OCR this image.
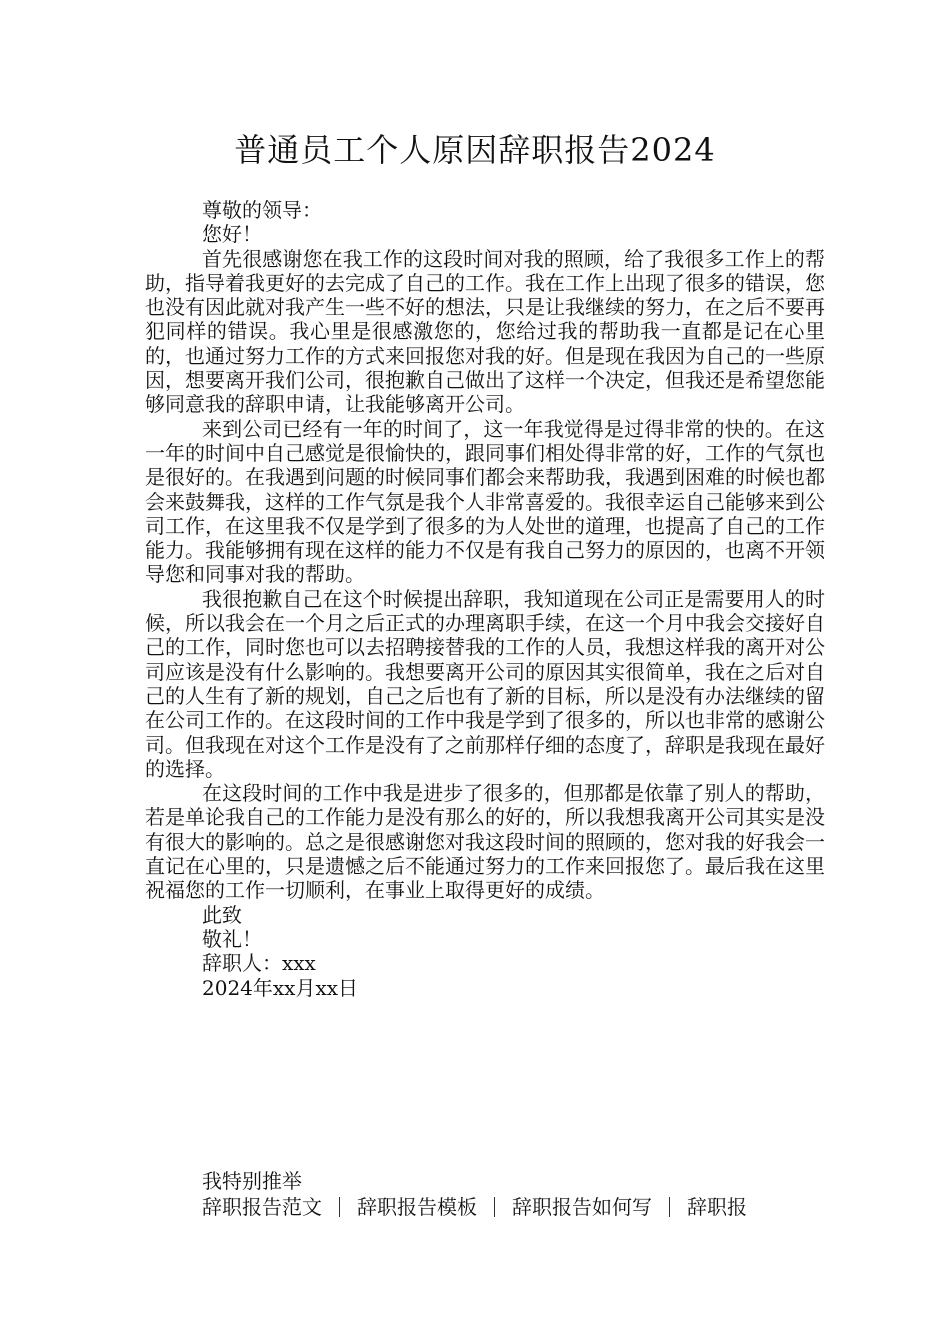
普通员工个人原因辞职报告2024

尊敬的领导：

您好！

首先很感谢您在我工作的这段时间对我的照顾，给了我很多工作上的帮助，指导着我更好的去完成了自己的工作。我在工作上出现了很多的错误，您也没有因此就对我产生一些不好的想法，只是让我继续的努力，在之后不要再犯同样的错误。我心里是很感激您的，您给过我的帮助我一直都是记在心里的，也通过努力工作的方式来回报您对我的好。但是现在我因为自己的一些原因，想要离开我们公司，很抱歉自己做出了这样一个决定，但我还是希望您能够同意我的辞职申请，让我能够离开公司。

来到公司已经有一年的时间了，这一年我觉得是过得非常的快的。在这一年的时间中自己感觉是很愉快的，跟同事们相处得非常的好，工作的气氛也是很好的。在我遇到问题的时候同事们都会来帮助我，我遇到困难的时候也都会来鼓舞我，这样的工作气氛是我个人非常喜爱的。我很幸运自己能够来到公司工作，在这里我不仅是学到了很多的为人处世的道理，也提高了自己的工作能力。我能够拥有现在这样的能力不仅是有我自己努力的原因的，也离不开领导您和同事对我的帮助。

我很抱歉自己在这个时候提出辞职，我知道现在公司正是需要用人的时候，所以我会在一个月之后正式的办理离职手续，在这一个月中我会交接好自己的工作，同时您也可以去招聘接替我的工作的人员，我想这样我的离开对公司应该是没有什么影响的。我想要离开公司的原因其实很简单，我在之后对自己的人生有了新的规划，自己之后也有了新的目标，所以是没有办法继续的留在公司工作的。在这段时间的工作中我是学到了很多的，所以也非常的感谢公司。但我现在对这个工作是没有了之前那样仔细的态度了，辞职是我现在最好的选择。

在这段时间的工作中我是进步了很多的，但那都是依靠了别人的帮助，若是单论我自己的工作能力是没有那么的好的，所以我想我离开公司其实是没有很大的影响的。总之是很感谢您对我这段时间的照顾的，您对我的好我会一直记在心里的，只是遗憾之后不能通过努力的工作来回报您了。最后我在这里祝福您的工作一切顺利，在事业上取得更好的成绩。

此致

敬礼！

辞职人：xxx

2024年xx月xx日

我特别推举
辞职报告范文 辞职报告模板 辞职报告如何写 辞职报
